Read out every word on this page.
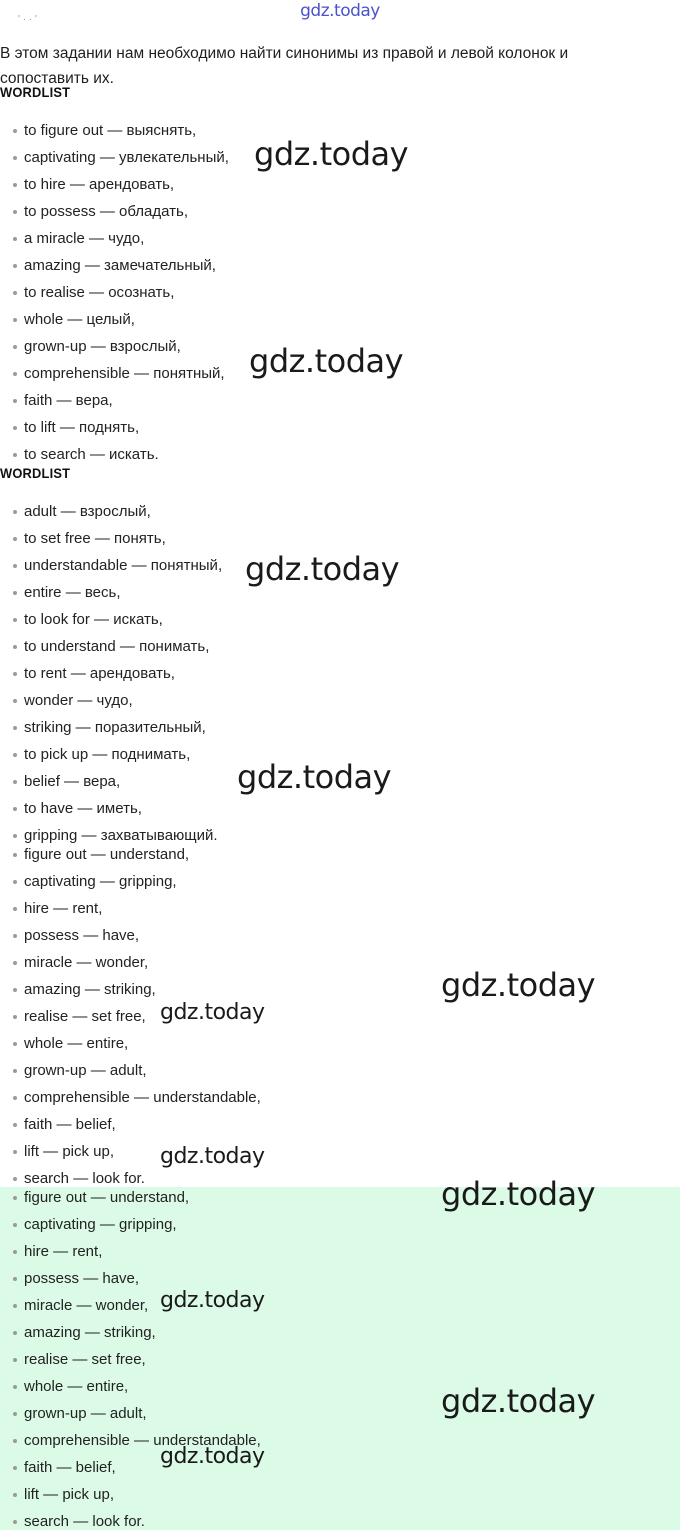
gdz.today
' · · '
В этом задании нам необходимо найти синонимы из правой и левой колонок и сопоставить их.
WORDLIST
to figure out — выяснять,
captivating — увлекательный,
to hire — арендовать,
to possess — обладать,
a miracle — чудо,
amazing — замечательный,
to realise — осознать,
whole — целый,
grown-up — взрослый,
comprehensible — понятный,
faith — вера,
to lift — поднять,
to search — искать.
WORDLIST
adult — взрослый,
to set free — понять,
understandable — понятный,
entire — весь,
to look for — искать,
to understand — понимать,
to rent — арендовать,
wonder — чудо,
striking — поразительный,
to pick up — поднимать,
belief — вера,
to have — иметь,
gripping — захватывающий.
figure out — understand,
captivating — gripping,
hire — rent,
possess — have,
miracle — wonder,
amazing — striking,
realise — set free,
whole — entire,
grown-up — adult,
comprehensible — understandable,
faith — belief,
lift — pick up,
search — look for.
figure out — understand,
captivating — gripping,
hire — rent,
possess — have,
miracle — wonder,
amazing — striking,
realise — set free,
whole — entire,
grown-up — adult,
comprehensible — understandable,
faith — belief,
lift — pick up,
search — look for.
gdz.today
gdz.today
gdz.today
gdz.today
gdz.today
gdz.today
gdz.today
gdz.today
gdz.today
gdz.today
gdz.today
